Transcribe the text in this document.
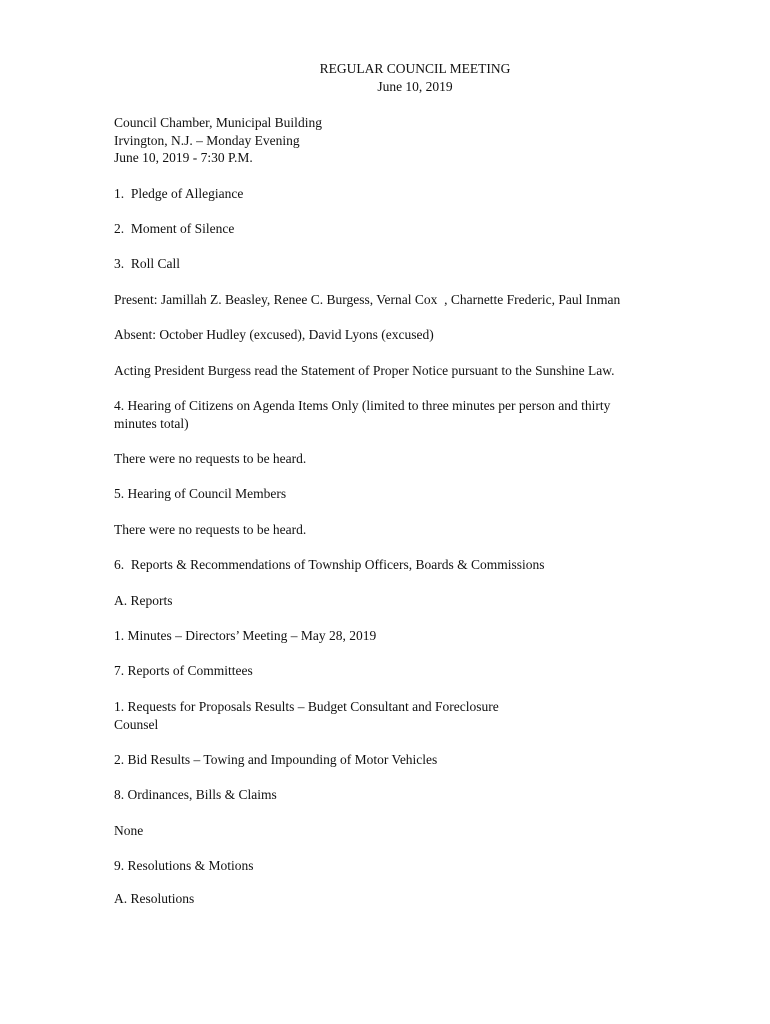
REGULAR COUNCIL MEETING
June 10, 2019
Council Chamber, Municipal Building
Irvington, N.J. – Monday Evening
June 10, 2019 - 7:30 P.M.
1.  Pledge of Allegiance
2.  Moment of Silence
3.  Roll Call
Present: Jamillah Z. Beasley, Renee C. Burgess, Vernal Cox  , Charnette Frederic, Paul Inman
Absent: October Hudley (excused), David Lyons (excused)
Acting President Burgess read the Statement of Proper Notice pursuant to the Sunshine Law.
4. Hearing of Citizens on Agenda Items Only (limited to three minutes per person and thirty
minutes total)
There were no requests to be heard.
5. Hearing of Council Members
There were no requests to be heard.
6.  Reports & Recommendations of Township Officers, Boards & Commissions
A. Reports
1. Minutes – Directors’ Meeting – May 28, 2019
7. Reports of Committees
1. Requests for Proposals Results – Budget Consultant and Foreclosure
Counsel
2. Bid Results – Towing and Impounding of Motor Vehicles
8. Ordinances, Bills & Claims
None
9. Resolutions & Motions
A. Resolutions
